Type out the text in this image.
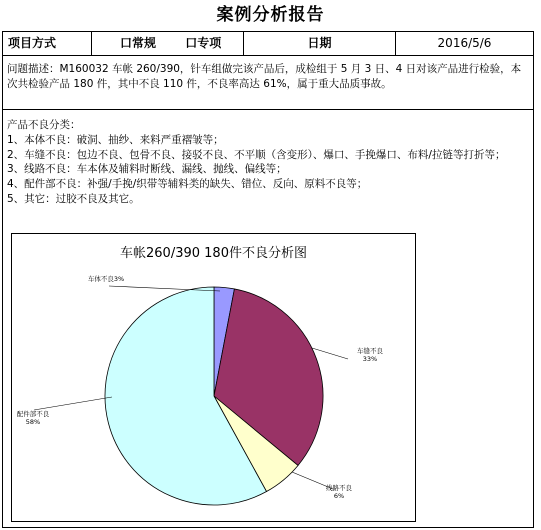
案例分析报告
项目方式	口常规 口专项	日期	2016/5/6
问题描述：M160032 车帐 260/390，针车组做完该产品后，成检组于 5 月 3 日、4 日对该产品进行检验，本次共检验产品 180 件，其中不良 110 件，不良率高达 61%，属于重大品质事故。
产品不良分类：
1、本体不良：破洞、抽纱、来料严重褶皱等；
2、车缝不良：包边不良、包骨不良、接驳不良、不平顺（含变形）、爆口、手挽爆口、布料/拉链等打折等；
3、线路不良：车本体及辅料时断线、漏线、抛线、偏线等；
4、配件部不良：补强/手挽/织带等辅料类的缺失、错位、反向、原料不良等；
5、其它：过胶不良及其它。
车帐260/390 180件不良分析图
车体不良3%
车缝不良
33%
线路不良
6%
配件部不良
58%
